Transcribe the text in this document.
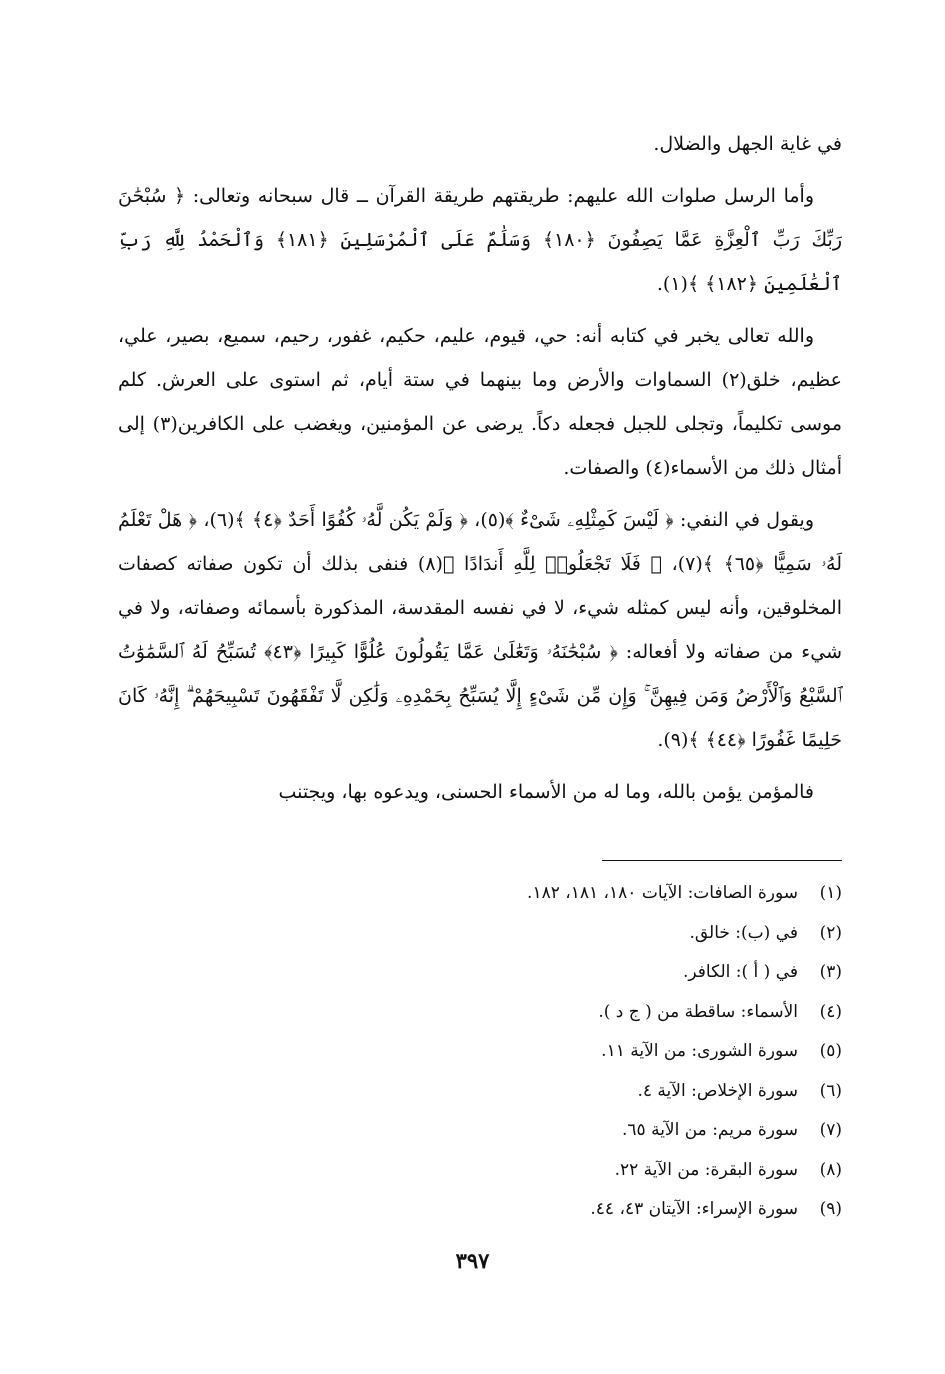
في غاية الجهل والضلال.

وأما الرسل صلوات الله عليهم: طريقتهم طريقة القرآن ــ قال سبحانه وتعالى: ﴿ سُبْحَٰنَ رَبِّكَ رَبِّ ٱلْعِزَّةِ عَمَّا يَصِفُونَ ﴿١٨٠﴾ وَسَلَٰمٌ عَلَى ٱلْمُرْسَلِينَ ﴿١٨١﴾ وَٱلْحَمْدُ لِلَّهِ رَبِّ ٱلْعَٰلَمِينَ ﴿١٨٢﴾ ﴾(١).

والله تعالى يخبر في كتابه أنه: حي، قيوم، عليم، حكيم، غفور، رحيم، سميع، بصير، علي، عظيم، خلق(٢) السماوات والأرض وما بينهما في ستة أيام، ثم استوى على العرش. كلم موسى تكليماً، وتجلى للجبل فجعله دكاً. يرضى عن المؤمنين، ويغضب على الكافرين(٣) إلى أمثال ذلك من الأسماء(٤) والصفات.

ويقول في النفي: ﴿ لَيْسَ كَمِثْلِهِۦ شَىْءٌ ﴾(٥)، ﴿ وَلَمْ يَكُن لَّهُۥ كُفُوًا أَحَدٌ ﴿٤﴾ ﴾(٦)، ﴿ هَلْ تَعْلَمُ لَهُۥ سَمِيًّا ﴿٦٥﴾ ﴾(٧)، ﴿ فَلَا تَجْعَلُوا۟ لِلَّهِ أَندَادًا ﴾(٨) فنفى بذلك أن تكون صفاته كصفات المخلوقين، وأنه ليس كمثله شيء، لا في نفسه المقدسة، المذكورة بأسمائه وصفاته، ولا في شيء من صفاته ولا أفعاله: ﴿ سُبْحَٰنَهُۥ وَتَعَٰلَىٰ عَمَّا يَقُولُونَ عُلُوًّا كَبِيرًا ﴿٤٣﴾ تُسَبِّحُ لَهُ ٱلسَّمَٰوَٰتُ ٱلسَّبْعُ وَٱلْأَرْضُ وَمَن فِيهِنَّ ۚ وَإِن مِّن شَىْءٍ إِلَّا يُسَبِّحُ بِحَمْدِهِۦ وَلَٰكِن لَّا تَفْقَهُونَ تَسْبِيحَهُمْ ۗ إِنَّهُۥ كَانَ حَلِيمًا غَفُورًا ﴿٤٤﴾ ﴾(٩).

فالمؤمن يؤمن بالله، وما له من الأسماء الحسنى، ويدعوه بها، ويجتنب

(١)
سورة الصافات: الآيات ١٨٠، ١٨١، ١٨٢.
(٢)
في (ب): خالق.
(٣)
في ( أ ): الكافر.
(٤)
الأسماء: ساقطة من ( ج د ).
(٥)
سورة الشورى: من الآية ١١.
(٦)
سورة الإخلاص: الآية ٤.
(٧)
سورة مريم: من الآية ٦٥.
(٨)
سورة البقرة: من الآية ٢٢.
(٩)
سورة الإسراء: الآيتان ٤٣، ٤٤.
٣٩٧
